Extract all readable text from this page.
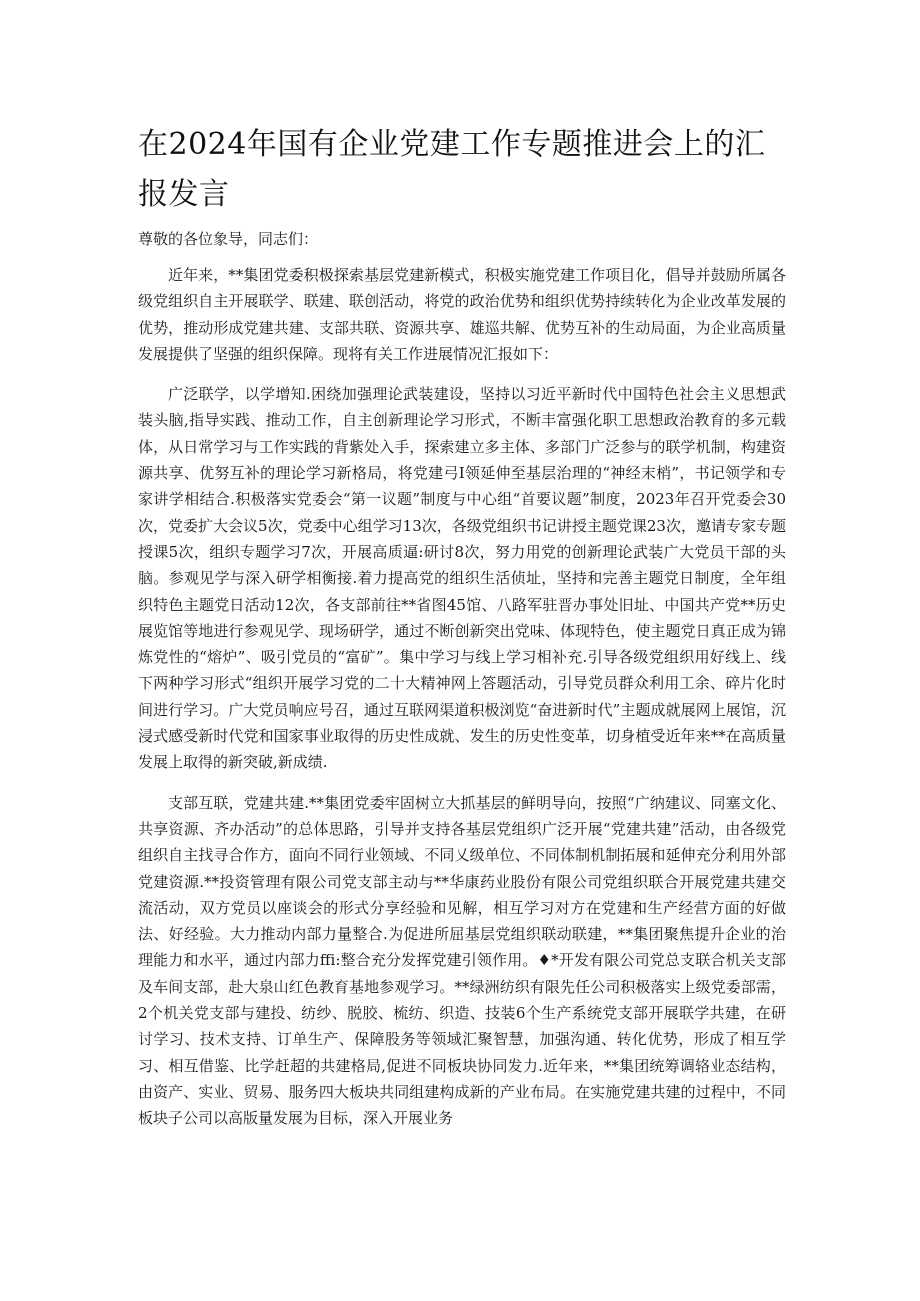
在2024年国有企业党建工作专题推进会上的汇报发言

尊敬的各位象导，同志们：

近年来，**集团党委积极探索基层党建新模式，积极实施党建工作项目化，倡导并鼓励所属各级党组织自主开展联学、联建、联创活动，将党的政治优势和组织优势持续转化为企业改革发展的优势，推动形成党建共建、支部共联、资源共享、雄巡共解、优势互补的生动局面，为企业高质量发展提供了坚强的组织保障。现将有关工作进展情况汇报如下：

广泛联学，以学增知.困绕加强理论武装建设，坚持以习近平新时代中国特色社会主义思想武装头脑,指导实践、推动工作，自主创新理论学习形式，不断丰富强化职工思想政治教育的多元载体，从日常学习与工作实践的背紫处入手，探索建立多主体、多部门广泛参与的联学机制，构建资源共享、优努互补的理论学习新格局，将党建弓I领延伸至基层治理的“神经末梢”，书记领学和专家讲学相结合.积极落实党委会“第一议题”制度与中心组“首要议题”制度，2023年召开党委会30次，党委扩大会议5次，党委中心组学习13次，各级党组织书记讲授主题党课23次，邀请专家专题授课5次，组织专题学习7次，开展高质逼:研讨8次，努力用党的创新理论武装广大党员干部的头脑。参观见学与深入研学相衡接.着力提高党的组织生活侦址，坚持和完善主题党日制度，全年组织特色主题党日活动12次，各支部前往**省图45馆、八路军驻晋办事处旧址、中国共产党**历史展览馆等地进行参观见学、现场研学，通过不断创新突出党味、体现特色，使主题党日真正成为锦炼党性的“熔炉”、吸引党员的“富矿”。集中学习与线上学习相补充.引导各级党组织用好线上、线下两种学习形式“组织开展学习党的二十大精神网上答题活动，引导党员群众利用工余、碎片化时间进行学习。广大党员响应号召，通过互联网渠道积极浏览“奋进新时代”主题成就展网上展馆，沉浸式感受新时代党和国家事业取得的历史性成就、发生的历史性变革，切身植受近年来**在高质量发展上取得的新突破,新成绩.

支部互联，党建共建.**集团党委牢固树立大抓基层的鲜明导向，按照“广纳建议、同塞文化、共享资源、齐办活动”的总体思路，引导并支持各基层党组织广泛开展“党建共建”活动，由各级党组织自主找寻合作方，面向不同行业领域、不同乂级单位、不同体制机制拓展和延伸充分利用外部党建资源.**投资管理有限公司党支部主动与**华康药业股份有限公司党组织联合开展党建共建交流活动，双方党员以座谈会的形式分享经验和见解，相互学习对方在党建和生产经营方面的好做法、好经验。大力推动内部力量整合.为促进所屈基层党组织联动联建，**集团聚焦提升企业的治理能力和水平，通过内部力ffi:整合充分发挥党建引领作用。♦*开发有限公司党总支联合机关支部及车间支部，赴大泉山红色教育基地参观学习。**绿洲纺织有限先任公司积极落实上级党委部需，2个机关党支部与建投、纺纱、脱胶、梳纺、织造、技装6个生产系统党支部开展联学共建，在研讨学习、技术支持、订单生产、保障股务等领域汇聚智慧，加强沟通、转化优势，形成了相互学习、相互借鉴、比学赶超的共建格局,促进不同板块协同发力.近年来，**集团统筹调辂业态结构，由资产、实业、贸易、服务四大板块共同组建构成新的产业布局。在实施党建共建的过程中，不同板块子公司以高版量发展为目标，深入开展业务
